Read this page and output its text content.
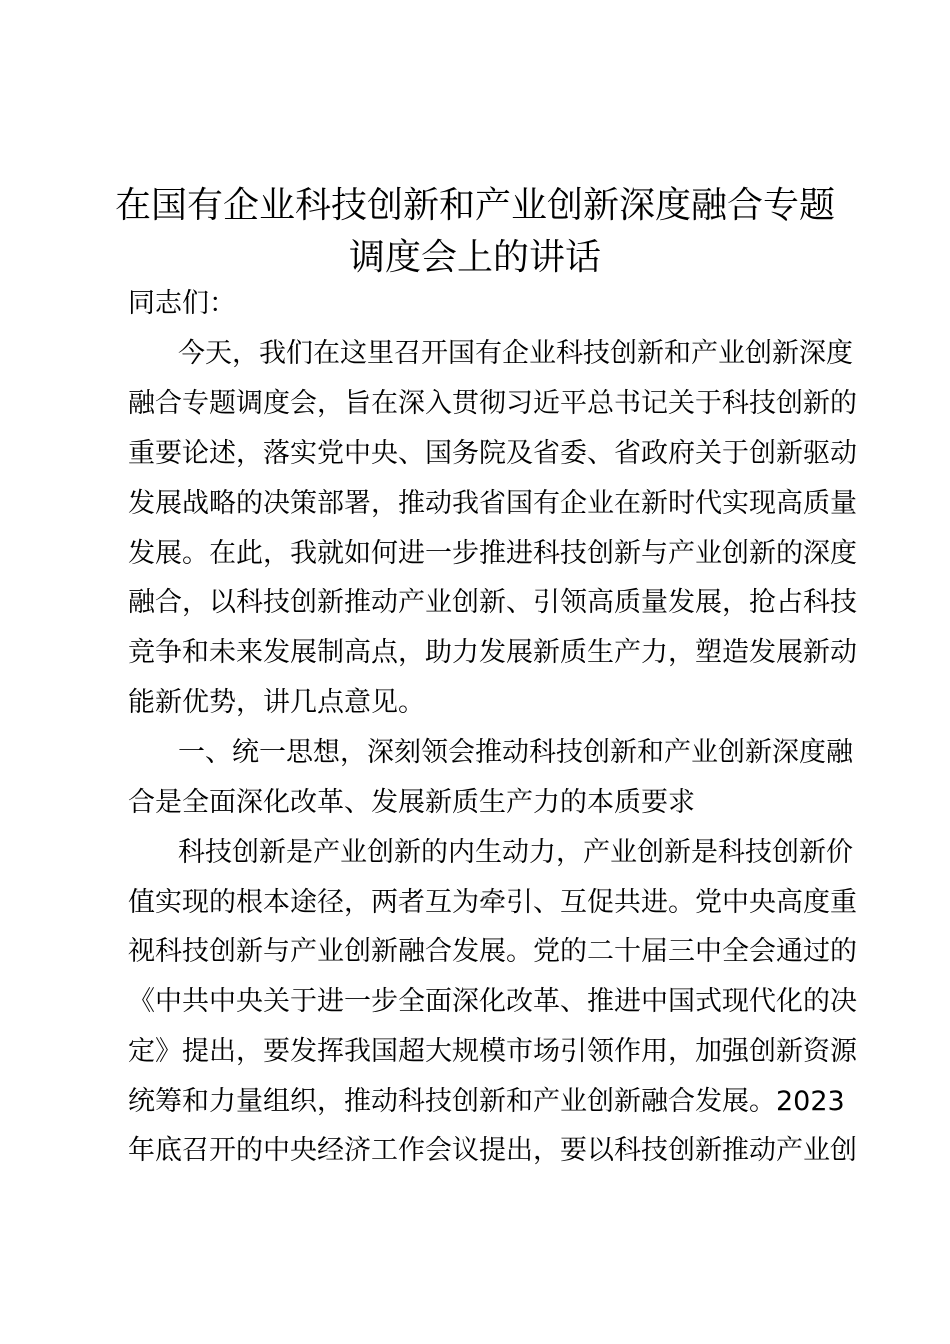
在国有企业科技创新和产业创新深度融合专题
调度会上的讲话
同志们：
今天，我们在这里召开国有企业科技创新和产业创新深度
融合专题调度会，旨在深入贯彻习近平总书记关于科技创新的
重要论述，落实党中央、国务院及省委、省政府关于创新驱动
发展战略的决策部署，推动我省国有企业在新时代实现高质量
发展。在此，我就如何进一步推进科技创新与产业创新的深度
融合，以科技创新推动产业创新、引领高质量发展，抢占科技
竞争和未来发展制高点，助力发展新质生产力，塑造发展新动
能新优势，讲几点意见。
一、统一思想，深刻领会推动科技创新和产业创新深度融
合是全面深化改革、发展新质生产力的本质要求
科技创新是产业创新的内生动力，产业创新是科技创新价
值实现的根本途径，两者互为牵引、互促共进。党中央高度重
视科技创新与产业创新融合发展。党的二十届三中全会通过的
《中共中央关于进一步全面深化改革、推进中国式现代化的决
定》提出，要发挥我国超大规模市场引领作用，加强创新资源
统筹和力量组织，推动科技创新和产业创新融合发展。2023
年底召开的中央经济工作会议提出，要以科技创新推动产业创
